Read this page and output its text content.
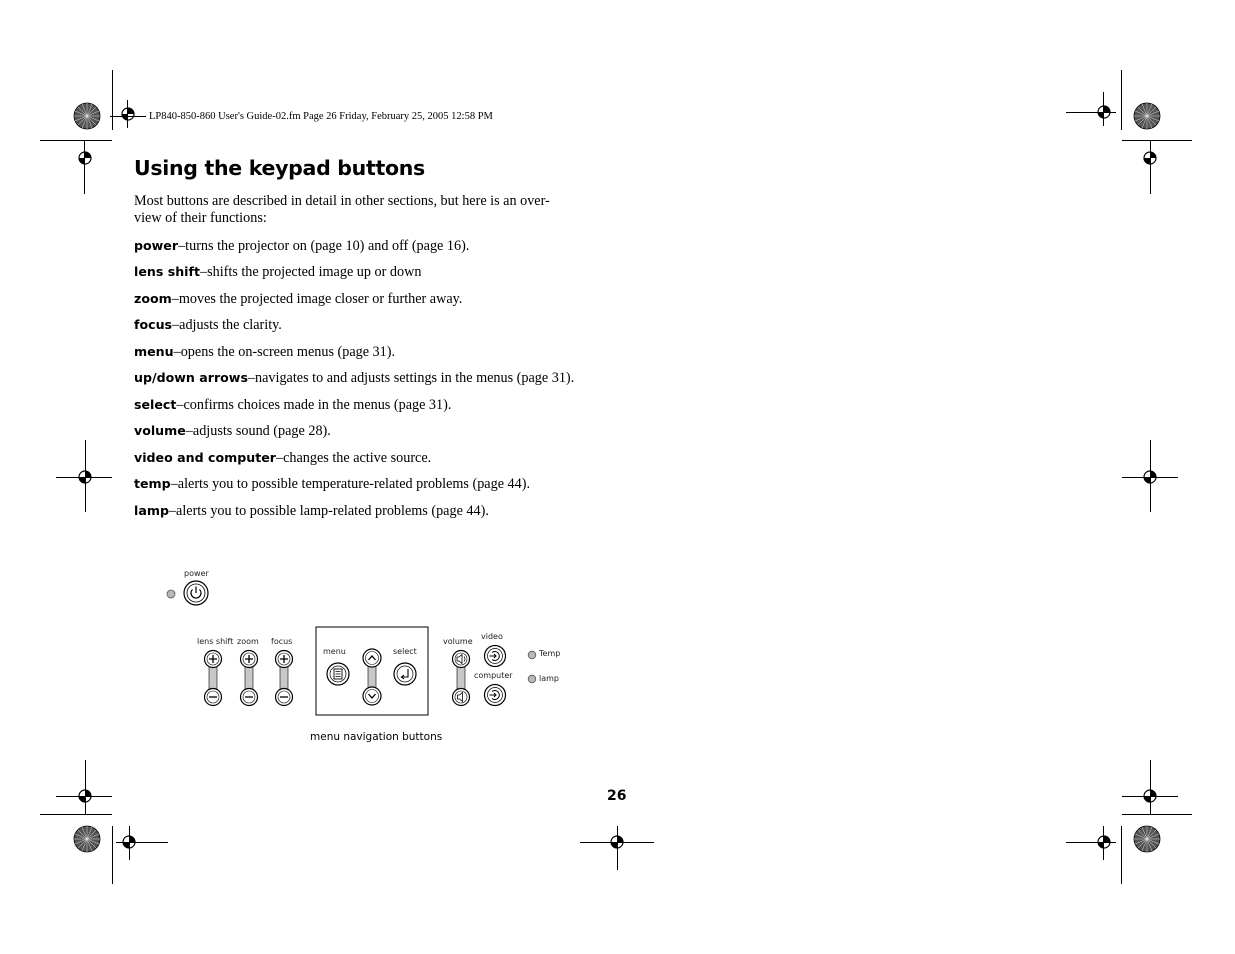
LP840-850-860 User's Guide-02.fm Page 26 Friday, February 25, 2005 12:58 PM
Using the keypad buttons
Most buttons are described in detail in other sections, but here is an over-
view of their functions:
power–turns the projector on (page 10) and off (page 16).
lens shift–shifts the projected image up or down
zoom–moves the projected image closer or further away.
focus–adjusts the clarity.
menu–opens the on-screen menus (page 31).
up/down arrows–navigates to and adjusts settings in the menus (page 31).
select–confirms choices made in the menus (page 31).
volume–adjusts sound (page 28).
video and computer–changes the active source.
temp–alerts you to possible temperature-related problems (page 44).
lamp–alerts you to possible lamp-related problems (page 44).
power
lens shift zoom focus
menu	select
volume
video
computer
Temp
lamp
menu navigation buttons
26
